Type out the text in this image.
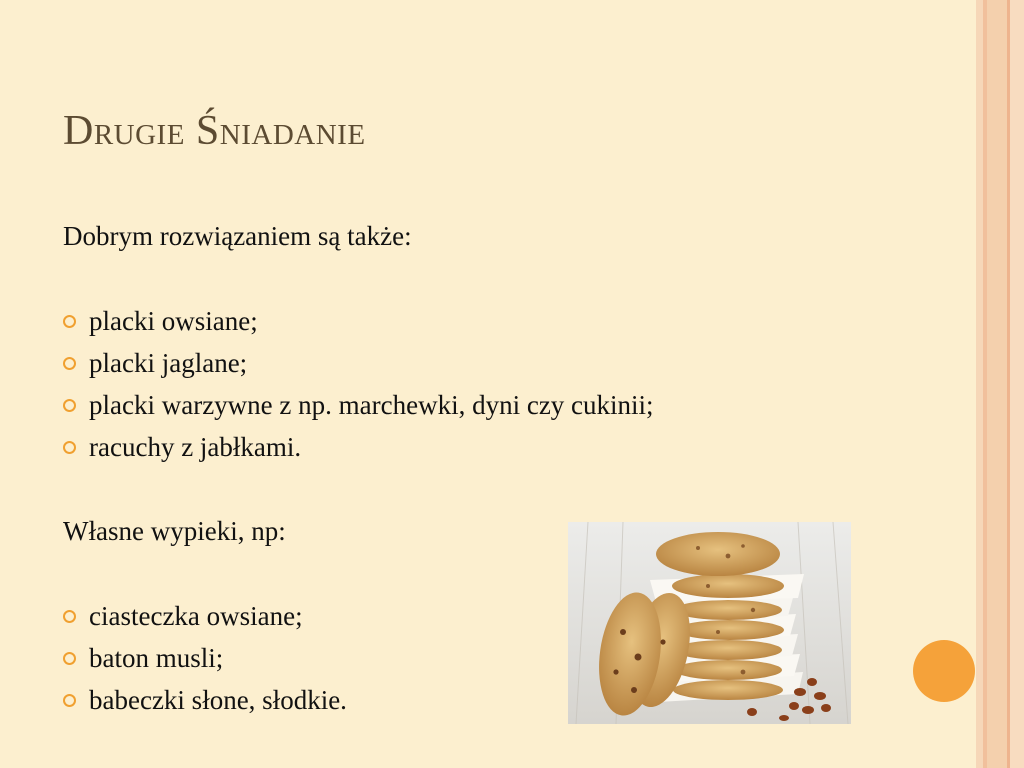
Drugie Śniadanie

Dobrym rozwiązaniem są także:

placki owsiane;
placki jaglane;
placki warzywne z np. marchewki, dyni czy cukinii;
racuchy z jabłkami.

Własne wypieki, np:

ciasteczka owsiane;
baton musli;
babeczki słone, słodkie.
